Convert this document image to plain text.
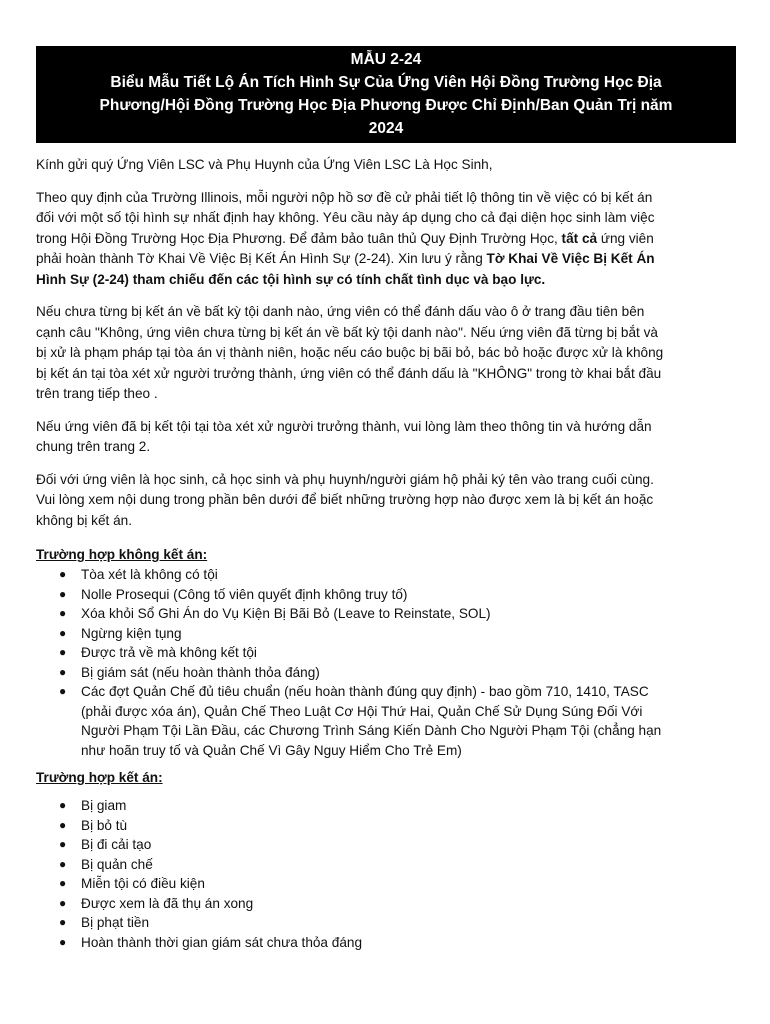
MẪU 2-24
Biểu Mẫu Tiết Lộ Án Tích Hình Sự Của Ứng Viên Hội Đồng Trường Học Địa
Phương/Hội Đồng Trường Học Địa Phương Được Chỉ Định/Ban Quản Trị năm
2024

Kính gửi quý Ứng Viên LSC và Phụ Huynh của Ứng Viên LSC Là Học Sinh,

Theo quy định của Trường Illinois, mỗi người nộp hồ sơ đề cử phải tiết lộ thông tin về việc có bị kết án
đối với một số tội hình sự nhất định hay không. Yêu cầu này áp dụng cho cả đại diện học sinh làm việc
trong Hội Đồng Trường Học Địa Phương. Để đảm bảo tuân thủ Quy Định Trường Học, tất cả ứng viên
phải hoàn thành Tờ Khai Về Việc Bị Kết Án Hình Sự (2-24). Xin lưu ý rằng Tờ Khai Về Việc Bị Kết Án
Hình Sự (2-24) tham chiếu đến các tội hình sự có tính chất tình dục và bạo lực.

Nếu chưa từng bị kết án về bất kỳ tội danh nào, ứng viên có thể đánh dấu vào ô ở trang đầu tiên bên
cạnh câu "Không, ứng viên chưa từng bị kết án về bất kỳ tội danh nào". Nếu ứng viên đã từng bị bắt và
bị xử là phạm pháp tại tòa án vị thành niên, hoặc nếu cáo buộc bị bãi bỏ, bác bỏ hoặc được xử là không
bị kết án tại tòa xét xử người trưởng thành, ứng viên có thể đánh dấu là "KHÔNG" trong tờ khai bắt đầu
trên trang tiếp theo .

Nếu ứng viên đã bị kết tội tại tòa xét xử người trưởng thành, vui lòng làm theo thông tin và hướng dẫn
chung trên trang 2.

Đối với ứng viên là học sinh, cả học sinh và phụ huynh/người giám hộ phải ký tên vào trang cuối cùng.
Vui lòng xem nội dung trong phần bên dưới để biết những trường hợp nào được xem là bị kết án hoặc
không bị kết án.

Trường hợp không kết án:
● Tòa xét là không có tội
● Nolle Prosequi (Công tố viên quyết định không truy tố)
● Xóa khỏi Sổ Ghi Án do Vụ Kiện Bị Bãi Bỏ (Leave to Reinstate, SOL)
● Ngừng kiện tụng
● Được trả về mà không kết tội
● Bị giám sát (nếu hoàn thành thỏa đáng)
● Các đợt Quản Chế đủ tiêu chuẩn (nếu hoàn thành đúng quy định) - bao gồm 710, 1410, TASC
(phải được xóa án), Quản Chế Theo Luật Cơ Hội Thứ Hai, Quản Chế Sử Dụng Súng Đối Với
Người Phạm Tội Lần Đầu, các Chương Trình Sáng Kiến Dành Cho Người Phạm Tội (chẳng hạn
như hoãn truy tố và Quản Chế Vì Gây Nguy Hiểm Cho Trẻ Em)
Trường hợp kết án:
● Bị giam
● Bị bỏ tù
● Bị đi cải tạo
● Bị quản chế
● Miễn tội có điều kiện
● Được xem là đã thụ án xong
● Bị phạt tiền
● Hoàn thành thời gian giám sát chưa thỏa đáng
